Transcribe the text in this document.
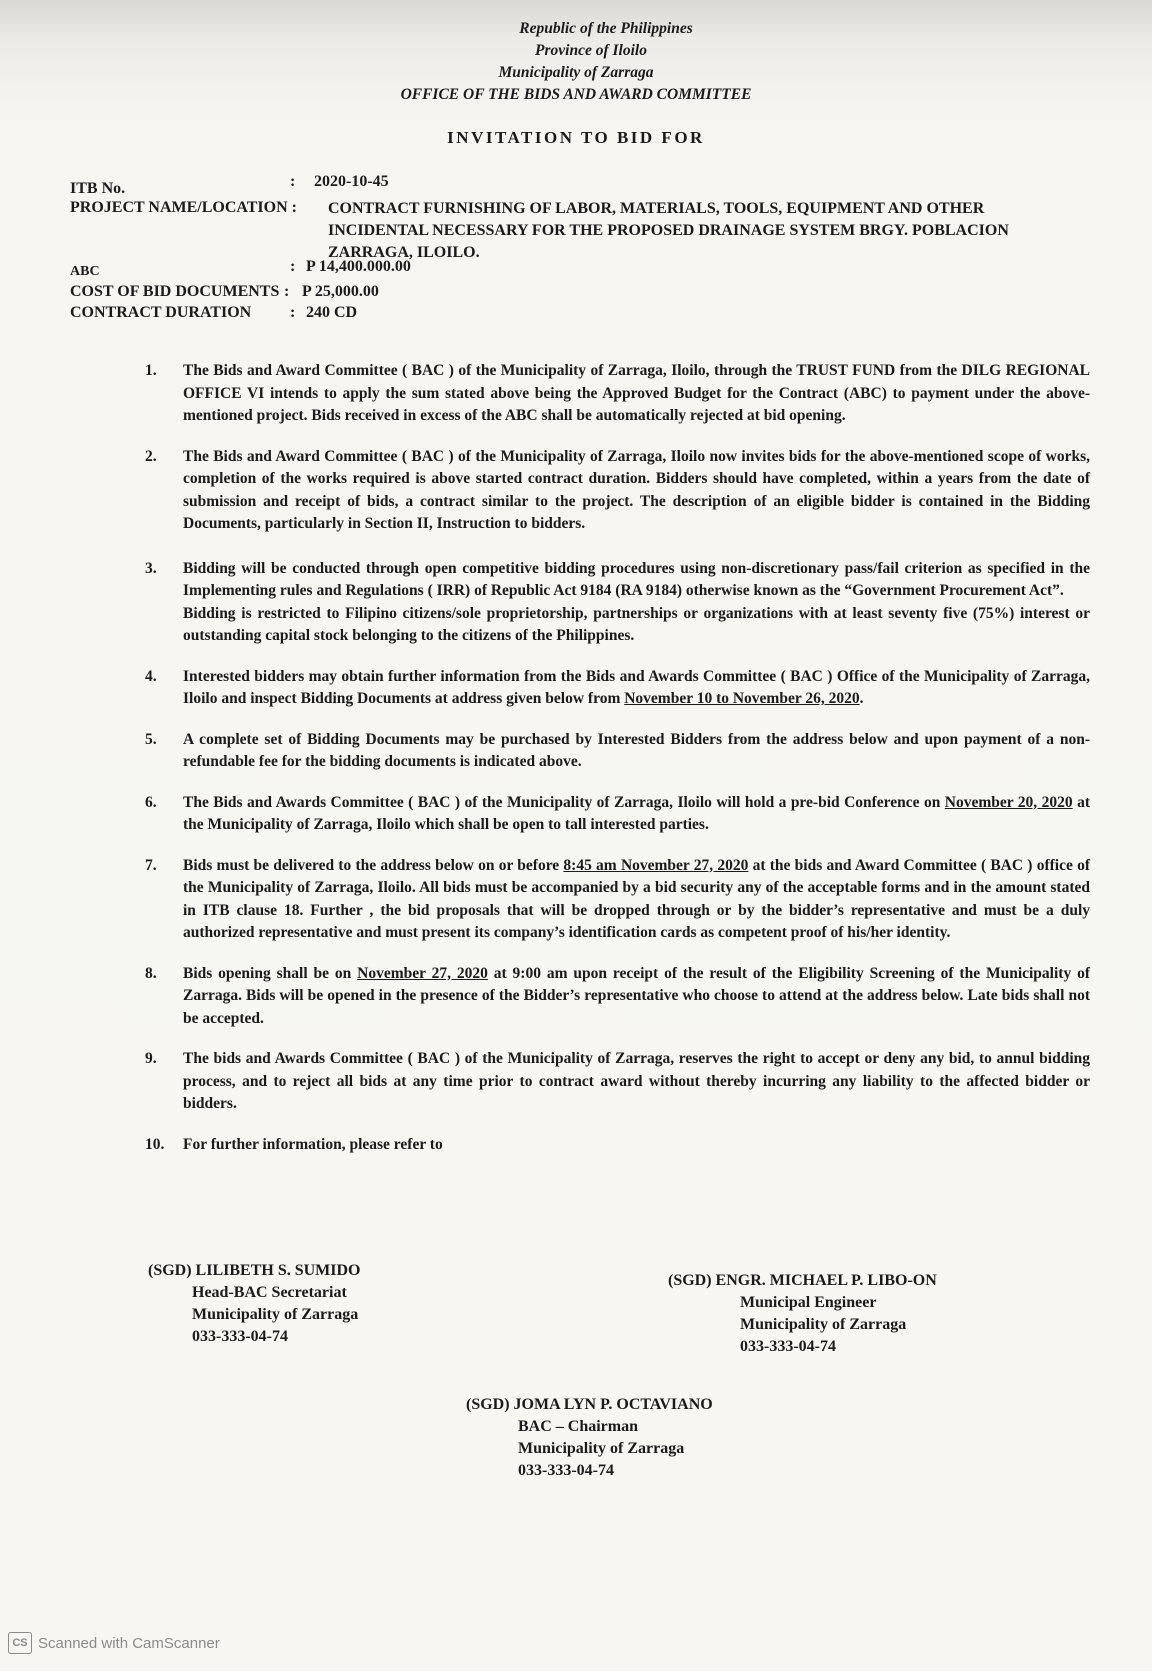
Republic of the Philippines
Province of Iloilo
Municipality of Zarraga
OFFICE OF THE BIDS AND AWARD COMMITTEE
INVITATION TO BID FOR
ITB No.	: 2020-10-45
PROJECT NAME/LOCATION :
ABC	: P 14,400.000.00
COST OF BID DOCUMENTS : P 25,000.00
CONTRACT DURATION : 240 CD
CONTRACT FURNISHING OF LABOR, MATERIALS, TOOLS, EQUIPMENT AND OTHER INCIDENTAL NECESSARY FOR THE PROPOSED DRAINAGE SYSTEM BRGY. POBLACION ZARRAGA, ILOILO.
1. The Bids and Award Committee ( BAC ) of the Municipality of Zarraga, Iloilo, through the TRUST FUND from the DILG REGIONAL OFFICE VI intends to apply the sum stated above being the Approved Budget for the Contract (ABC) to payment under the above-mentioned project. Bids received in excess of the ABC shall be automatically rejected at bid opening.
2. The Bids and Award Committee ( BAC ) of the Municipality of Zarraga, Iloilo now invites bids for the above-mentioned scope of works, completion of the works required is above started contract duration. Bidders should have completed, within a years from the date of submission and receipt of bids, a contract similar to the project. The description of an eligible bidder is contained in the Bidding Documents, particularly in Section II, Instruction to bidders.
3. Bidding will be conducted through open competitive bidding procedures using non-discretionary pass/fail criterion as specified in the Implementing rules and Regulations ( IRR) of Republic Act 9184 (RA 9184) otherwise known as the “Government Procurement Act”.
Bidding is restricted to Filipino citizens/sole proprietorship, partnerships or organizations with at least seventy five (75%) interest or outstanding capital stock belonging to the citizens of the Philippines.
4. Interested bidders may obtain further information from the Bids and Awards Committee ( BAC ) Office of the Municipality of Zarraga, Iloilo and inspect Bidding Documents at address given below from November 10 to November 26, 2020.
5. A complete set of Bidding Documents may be purchased by Interested Bidders from the address below and upon payment of a non-refundable fee for the bidding documents is indicated above.
6. The Bids and Awards Committee ( BAC ) of the Municipality of Zarraga, Iloilo will hold a pre-bid Conference on November 20, 2020 at the Municipality of Zarraga, Iloilo which shall be open to tall interested parties.
7. Bids must be delivered to the address below on or before 8:45 am November 27, 2020 at the bids and Award Committee ( BAC ) office of the Municipality of Zarraga, Iloilo. All bids must be accompanied by a bid security any of the acceptable forms and in the amount stated in ITB clause 18. Further , the bid proposals that will be dropped through or by the bidder’s representative and must be a duly authorized representative and must present its company’s identification cards as competent proof of his/her identity.
8. Bids opening shall be on November 27, 2020 at 9:00 am upon receipt of the result of the Eligibility Screening of the Municipality of Zarraga. Bids will be opened in the presence of the Bidder’s representative who choose to attend at the address below. Late bids shall not be accepted.
9. The bids and Awards Committee ( BAC ) of the Municipality of Zarraga, reserves the right to accept or deny any bid, to annul bidding process, and to reject all bids at any time prior to contract award without thereby incurring any liability to the affected bidder or bidders.
10. For further information, please refer to
(SGD) LILIBETH S. SUMIDO
Head-BAC Secretariat
Municipality of Zarraga
033-333-04-74
(SGD) ENGR. MICHAEL P. LIBO-ON
Municipal Engineer
Municipality of Zarraga
033-333-04-74
(SGD) JOMA LYN P. OCTAVIANO
BAC – Chairman
Municipality of Zarraga
033-333-04-74
CS Scanned with CamScanner
